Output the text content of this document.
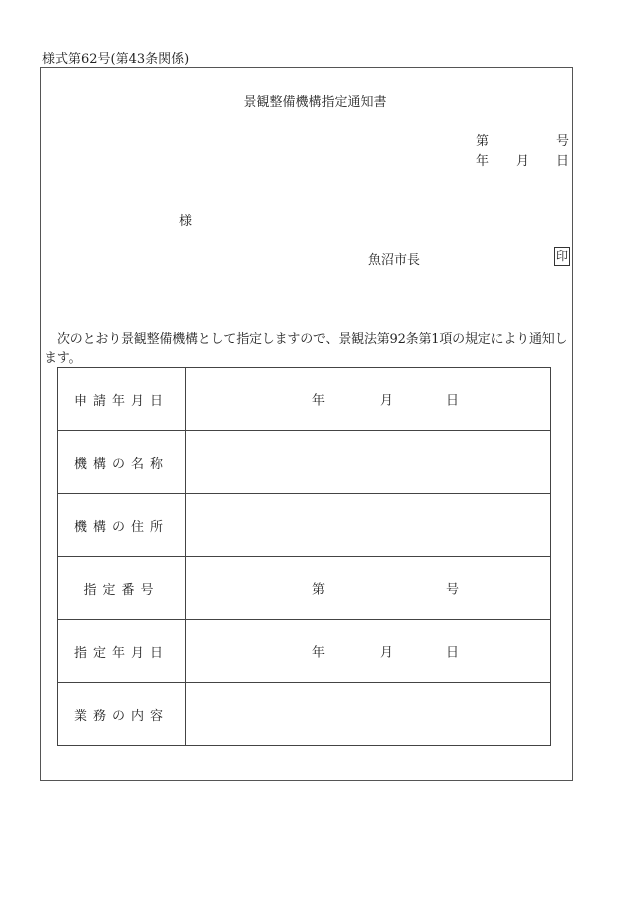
様式第62号(第43条関係)
景観整備機構指定通知書
第	号
年 月 日
様
魚沼市長	印
次のとおり景観整備機構として指定しますので、景観法第92条第1項の規定により通知します。
申請年月日	年 月 日

機構の名称	
機構の住所	
指定番号	第 号

指定年月日	年 月 日

業務の内容	
